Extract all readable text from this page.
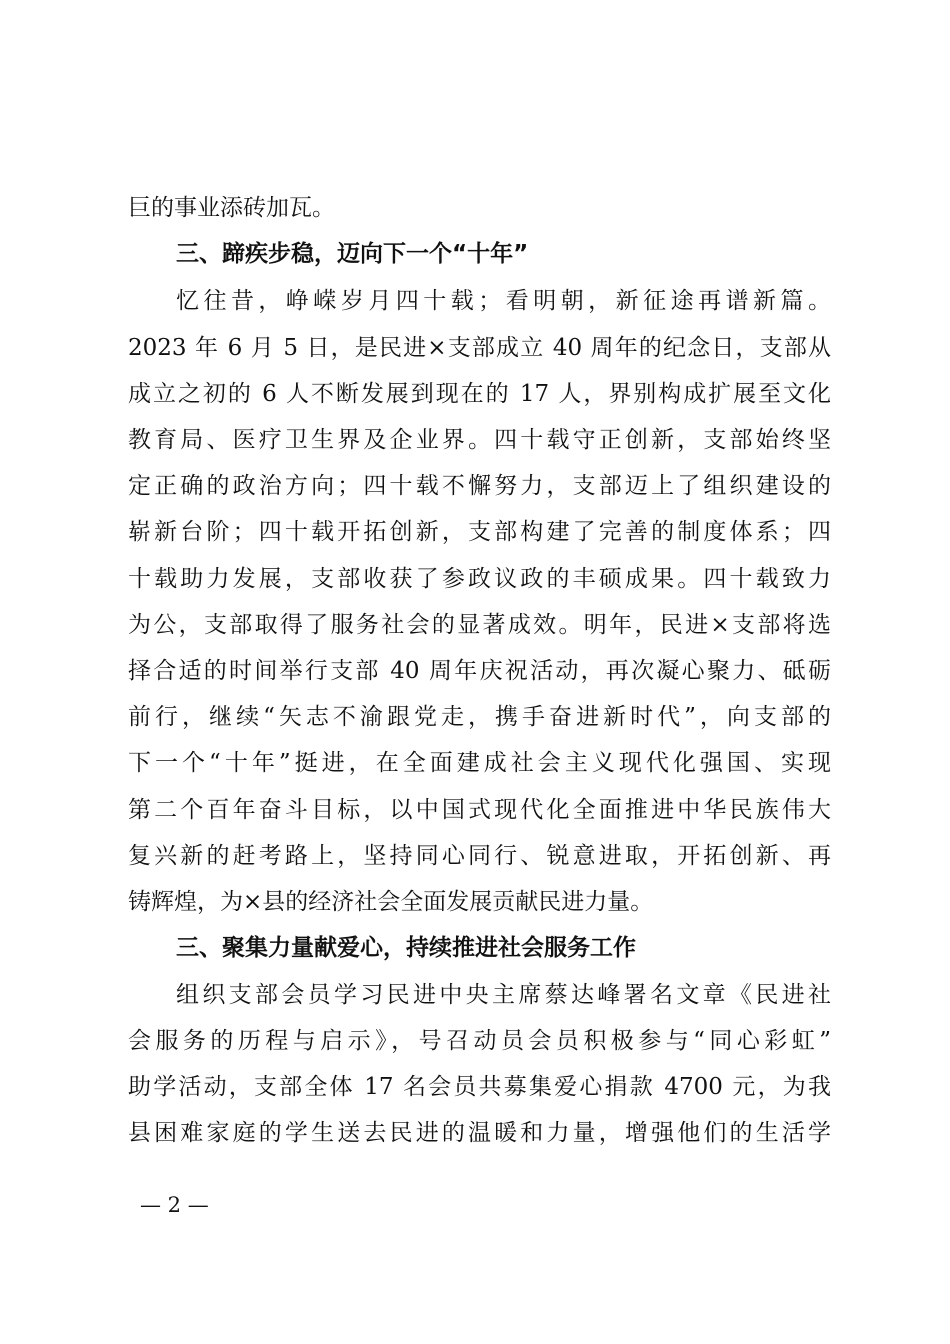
巨的事业添砖加瓦。
三、蹄疾步稳，迈向下一个“十年”
忆往昔，峥嵘岁月四十载；看明朝，新征途再谱新篇。
2023 年 6 月 5 日，是民进×支部成立 40 周年的纪念日，支部从
成立之初的 6 人不断发展到现在的 17 人，界别构成扩展至文化
教育局、医疗卫生界及企业界。四十载守正创新，支部始终坚
定正确的政治方向；四十载不懈努力，支部迈上了组织建设的
崭新台阶；四十载开拓创新，支部构建了完善的制度体系；四
十载助力发展，支部收获了参政议政的丰硕成果。四十载致力
为公，支部取得了服务社会的显著成效。明年，民进×支部将选
择合适的时间举行支部 40 周年庆祝活动，再次凝心聚力、砥砺
前行，继续“矢志不渝跟党走，携手奋进新时代”，向支部的
下一个“十年”挺进，在全面建成社会主义现代化强国、实现
第二个百年奋斗目标，以中国式现代化全面推进中华民族伟大
复兴新的赶考路上，坚持同心同行、锐意进取，开拓创新、再
铸辉煌，为×县的经济社会全面发展贡献民进力量。
三、聚集力量献爱心，持续推进社会服务工作
组织支部会员学习民进中央主席蔡达峰署名文章《民进社
会服务的历程与启示》，号召动员会员积极参与“同心彩虹”
助学活动，支部全体 17 名会员共募集爱心捐款 4700 元，为我
县困难家庭的学生送去民进的温暖和力量，增强他们的生活学
— 2 —
